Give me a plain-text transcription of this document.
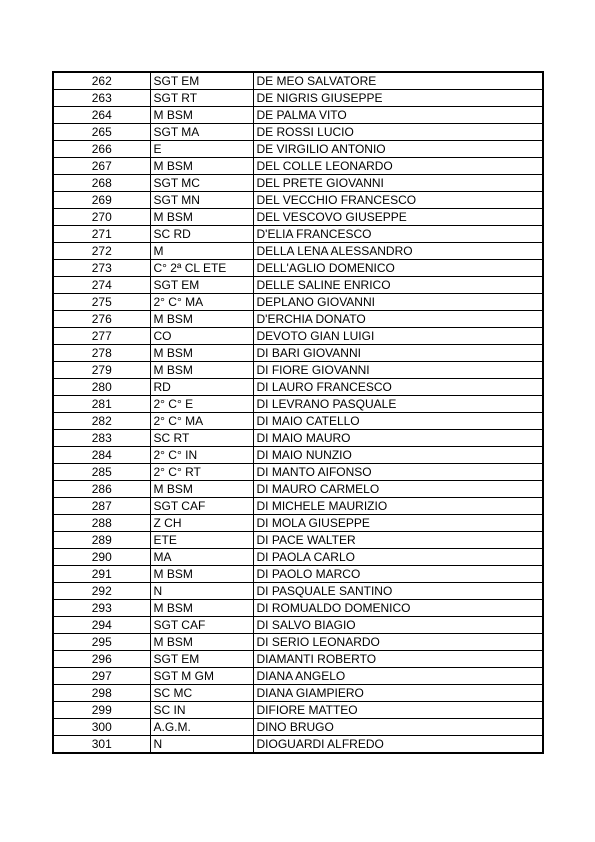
262	SGT EM	DE MEO SALVATORE
263	SGT RT	DE NIGRIS GIUSEPPE
264	M BSM	DE PALMA VITO
265	SGT MA	DE ROSSI LUCIO
266	E	DE VIRGILIO ANTONIO
267	M BSM	DEL COLLE LEONARDO
268	SGT MC	DEL PRETE GIOVANNI
269	SGT MN	DEL VECCHIO FRANCESCO
270	M BSM	DEL VESCOVO GIUSEPPE
271	SC RD	D'ELIA FRANCESCO
272	M	DELLA LENA ALESSANDRO
273	C° 2ª CL ETE	DELL'AGLIO DOMENICO
274	SGT EM	DELLE SALINE ENRICO
275	2° C° MA	DEPLANO GIOVANNI
276	M BSM	D'ERCHIA DONATO
277	CO	DEVOTO GIAN LUIGI
278	M BSM	DI BARI GIOVANNI
279	M BSM	DI FIORE GIOVANNI
280	RD	DI LAURO FRANCESCO
281	2° C° E	DI LEVRANO PASQUALE
282	2° C° MA	DI MAIO CATELLO
283	SC RT	DI MAIO MAURO
284	2° C° IN	DI MAIO NUNZIO
285	2° C° RT	DI MANTO AIFONSO
286	M BSM	DI MAURO CARMELO
287	SGT CAF	DI MICHELE MAURIZIO
288	Z CH	DI MOLA GIUSEPPE
289	ETE	DI PACE WALTER
290	MA	DI PAOLA CARLO
291	M BSM	DI PAOLO MARCO
292	N	DI PASQUALE SANTINO
293	M BSM	DI ROMUALDO DOMENICO
294	SGT CAF	DI SALVO BIAGIO
295	M BSM	DI SERIO LEONARDO
296	SGT EM	DIAMANTI ROBERTO
297	SGT M GM	DIANA ANGELO
298	SC MC	DIANA GIAMPIERO
299	SC IN	DIFIORE MATTEO
300	A.G.M.	DINO BRUGO
301	N	DIOGUARDI ALFREDO
